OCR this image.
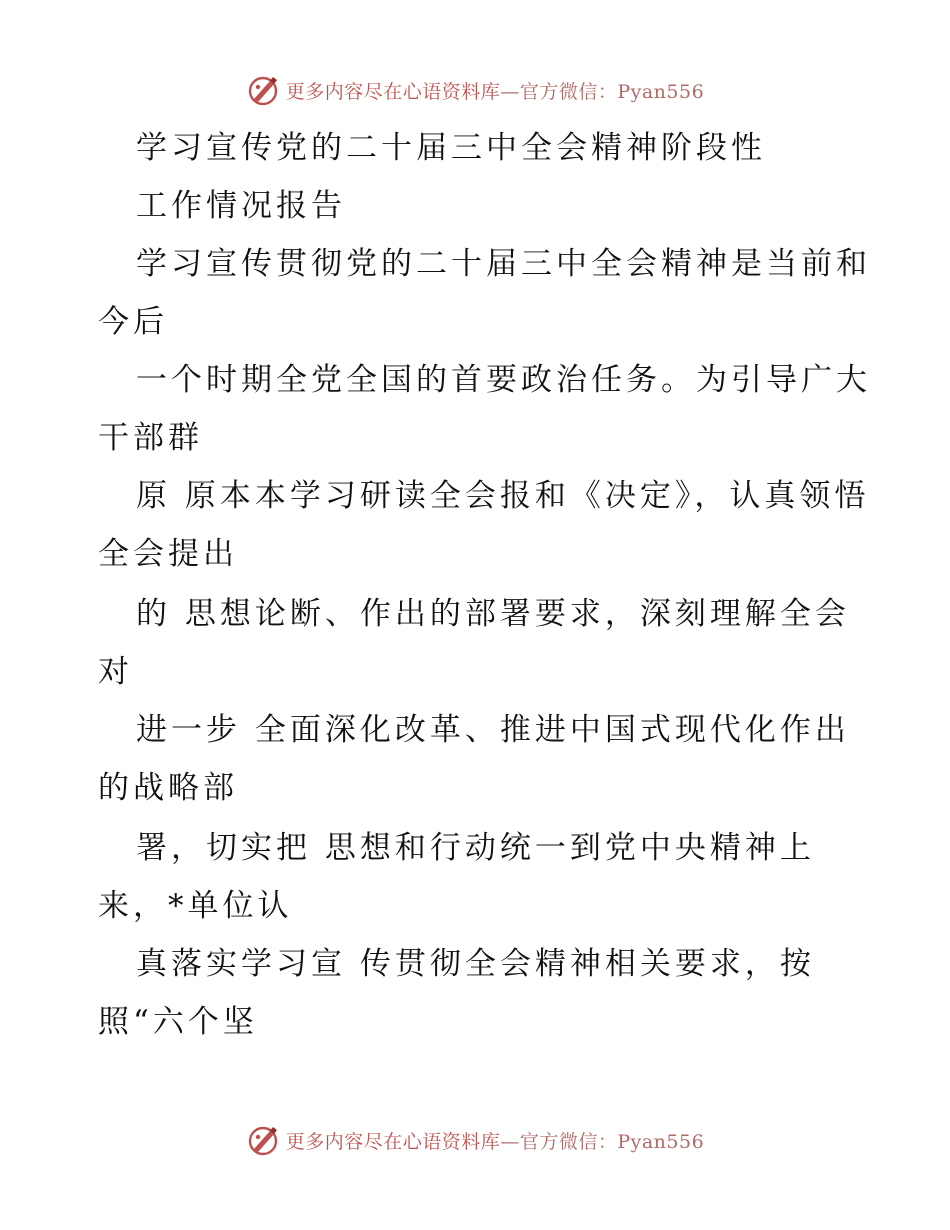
更多内容尽在心语资料库—官方微信：Pyan556
学习宣传党的二十届三中全会精神阶段性
工作情况报告
学习宣传贯彻党的二十届三中全会精神是当前和
今后
一个时期全党全国的首要政治任务。为引导广大
干部群
原 原本本学习研读全会报和《决定》，认真领悟
全会提出
的 思想论断、作出的部署要求，深刻理解全会
对
进一步 全面深化改革、推进中国式现代化作出
的战略部
署，切实把 思想和行动统一到党中央精神上
来，*单位认
真落实学习宣 传贯彻全会精神相关要求，按
照“六个坚
更多内容尽在心语资料库—官方微信：Pyan556
